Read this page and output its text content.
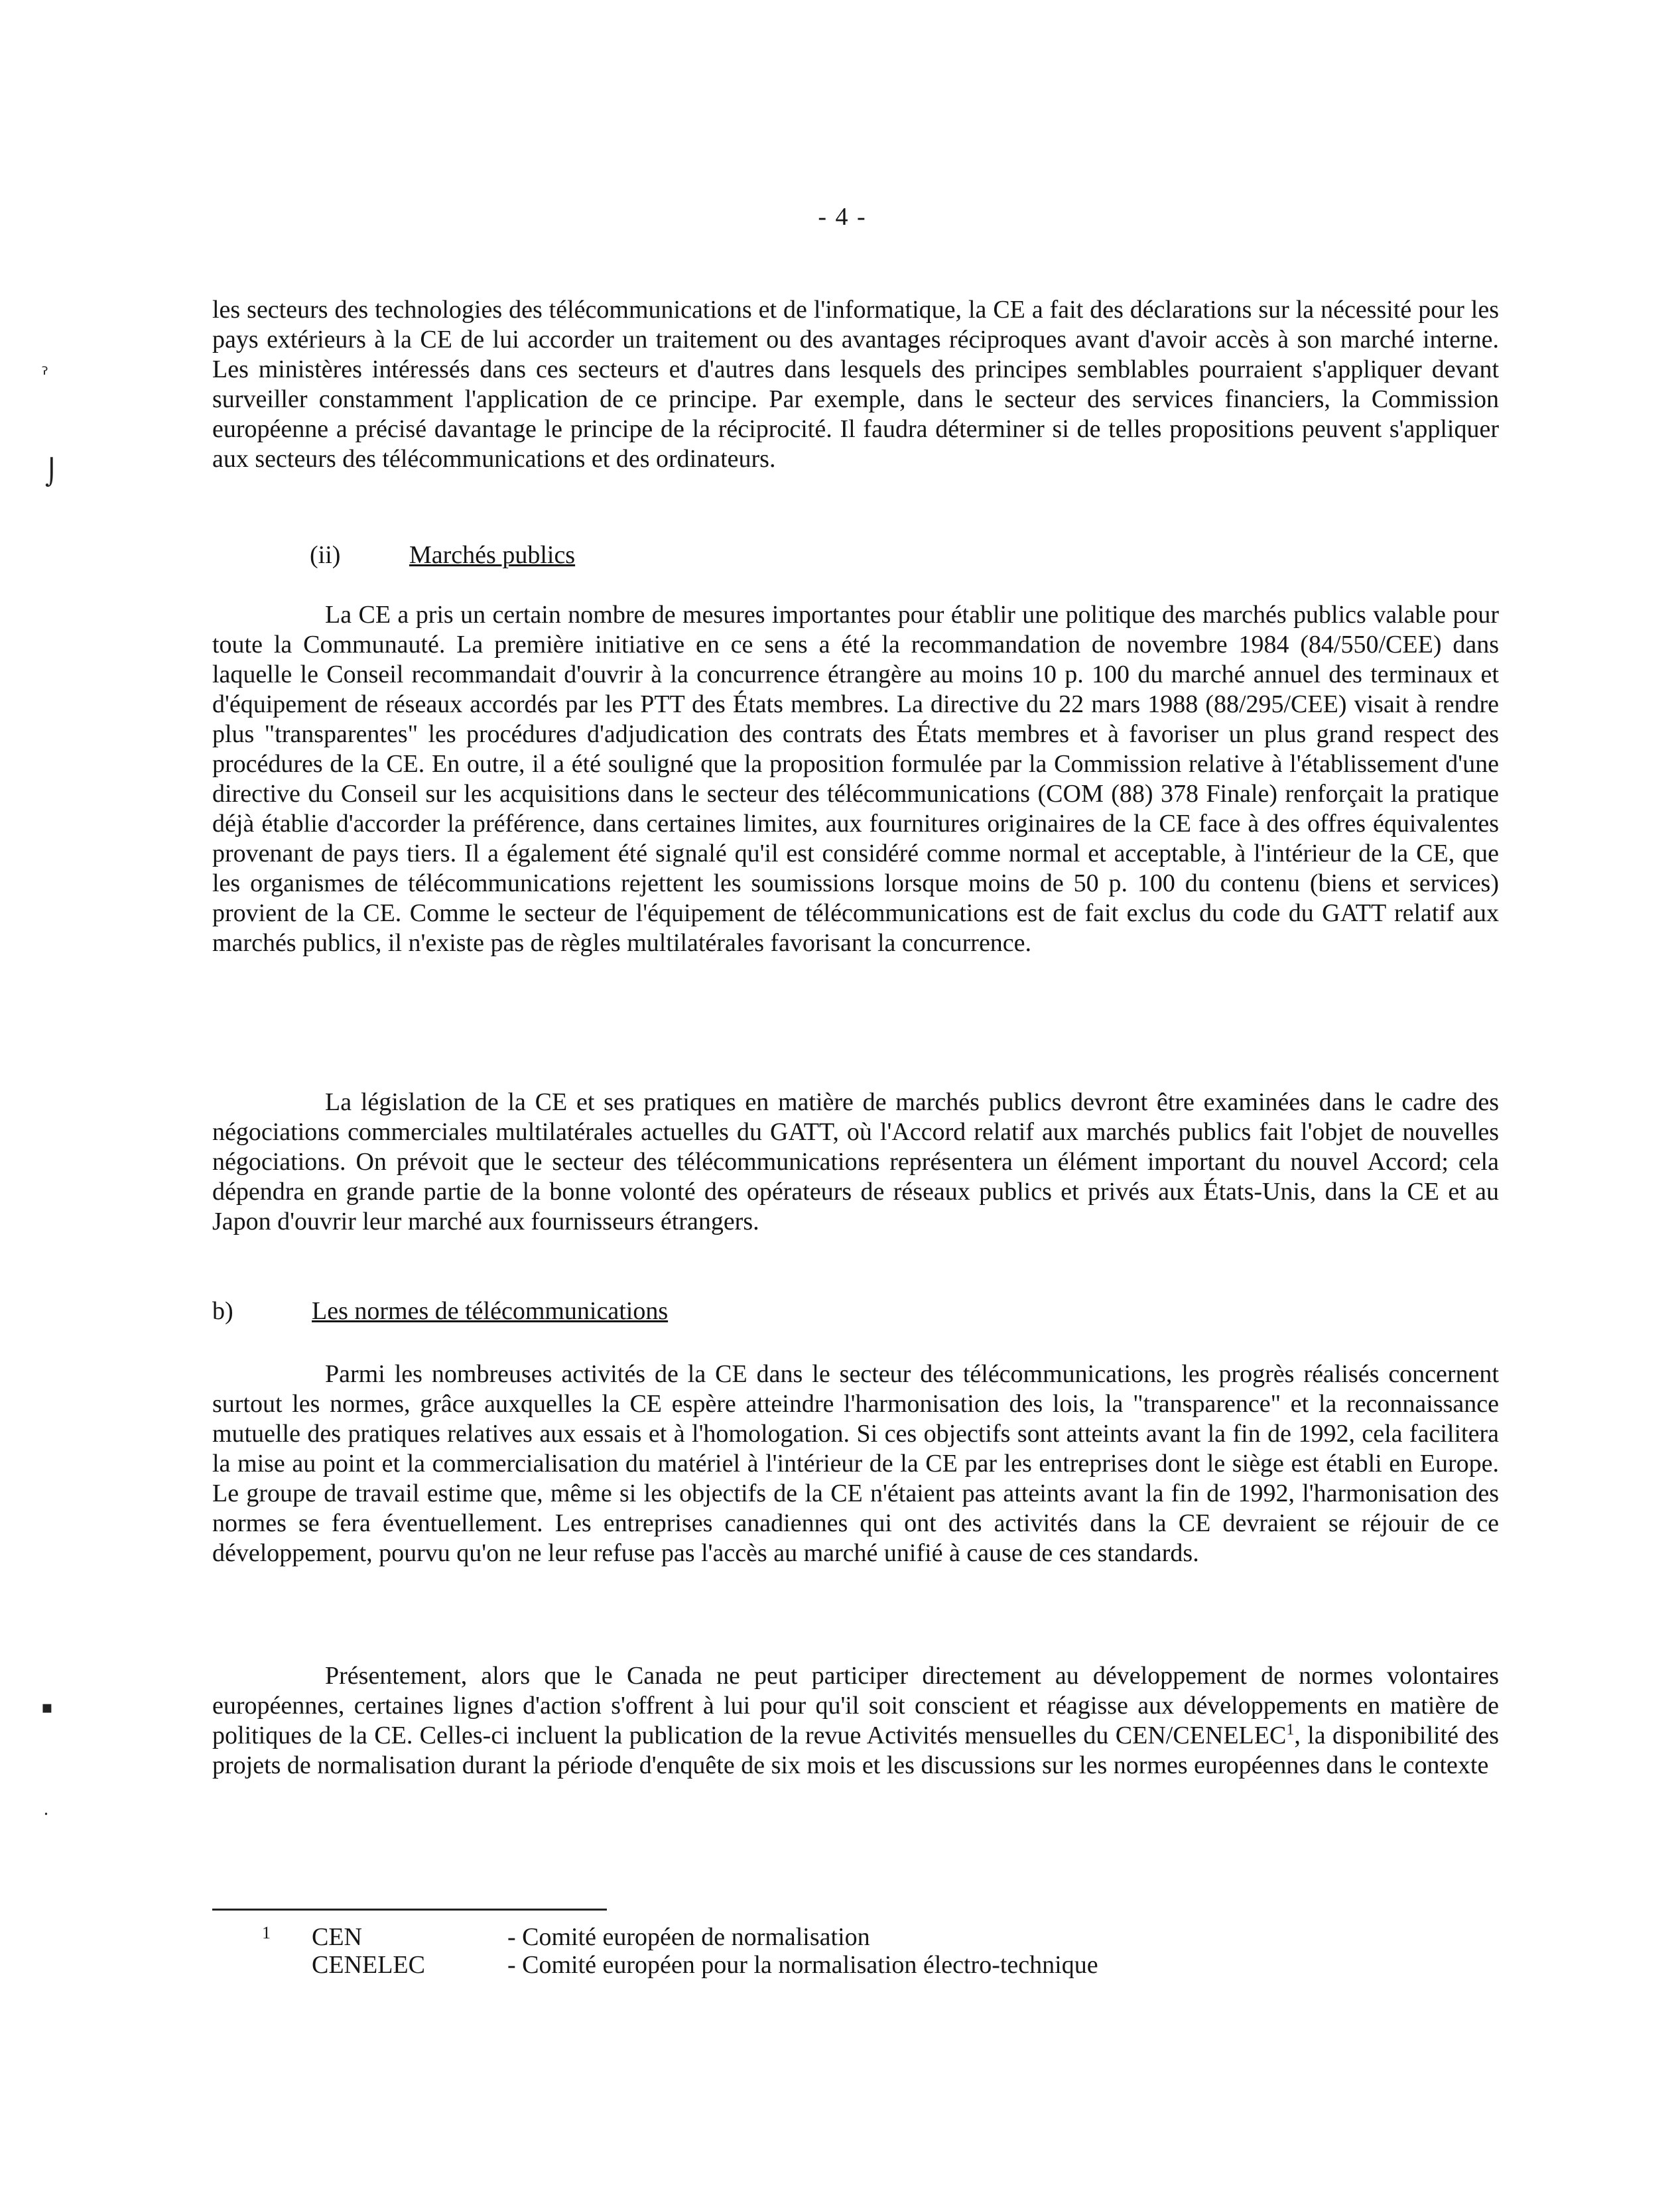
- 4 -
ˀ
⌡
▪
⸳

les secteurs des technologies des télécommunications et de l'informatique, la CE a fait des déclarations sur la nécessité pour les pays extérieurs à la CE de lui accorder un traitement ou des avantages réciproques avant d'avoir accès à son marché interne. Les ministères intéressés dans ces secteurs et d'autres dans lesquels des principes semblables pourraient s'appliquer devant surveiller constamment l'application de ce principe. Par exemple, dans le secteur des services financiers, la Commission européenne a précisé davantage le principe de la réciprocité. Il faudra déterminer si de telles propositions peuvent s'appliquer aux secteurs des télécommunications et des ordinateurs.

(ii)	Marchés publics

La CE a pris un certain nombre de mesures importantes pour établir une politique des marchés publics valable pour toute la Communauté. La première initiative en ce sens a été la recommandation de novembre 1984 (84/550/CEE) dans laquelle le Conseil recommandait d'ouvrir à la concurrence étrangère au moins 10 p. 100 du marché annuel des terminaux et d'équipement de réseaux accordés par les PTT des États membres. La directive du 22 mars 1988 (88/295/CEE) visait à rendre plus "transparentes" les procédures d'adjudication des contrats des États membres et à favoriser un plus grand respect des procédures de la CE. En outre, il a été souligné que la proposition formulée par la Commission relative à l'établissement d'une directive du Conseil sur les acquisitions dans le secteur des télécommunications (COM (88) 378 Finale) renforçait la pratique déjà établie d'accorder la préférence, dans certaines limites, aux fournitures originaires de la CE face à des offres équivalentes provenant de pays tiers. Il a également été signalé qu'il est considéré comme normal et acceptable, à l'intérieur de la CE, que les organismes de télécommunications rejettent les soumissions lorsque moins de 50 p. 100 du contenu (biens et services) provient de la CE. Comme le secteur de l'équipement de télécommunications est de fait exclus du code du GATT relatif aux marchés publics, il n'existe pas de règles multilatérales favorisant la concurrence.

La législation de la CE et ses pratiques en matière de marchés publics devront être examinées dans le cadre des négociations commerciales multilatérales actuelles du GATT, où l'Accord relatif aux marchés publics fait l'objet de nouvelles négociations. On prévoit que le secteur des télécommunications représentera un élément important du nouvel Accord; cela dépendra en grande partie de la bonne volonté des opérateurs de réseaux publics et privés aux États-Unis, dans la CE et au Japon d'ouvrir leur marché aux fournisseurs étrangers.

b)	Les normes de télécommunications

Parmi les nombreuses activités de la CE dans le secteur des télécommunications, les progrès réalisés concernent surtout les normes, grâce auxquelles la CE espère atteindre l'harmonisation des lois, la "transparence" et la reconnaissance mutuelle des pratiques relatives aux essais et à l'homologation. Si ces objectifs sont atteints avant la fin de 1992, cela facilitera la mise au point et la commercialisation du matériel à l'intérieur de la CE par les entreprises dont le siège est établi en Europe. Le groupe de travail estime que, même si les objectifs de la CE n'étaient pas atteints avant la fin de 1992, l'harmonisation des normes se fera éventuellement. Les entreprises canadiennes qui ont des activités dans la CE devraient se réjouir de ce développement, pourvu qu'on ne leur refuse pas l'accès au marché unifié à cause de ces standards.

Présentement, alors que le Canada ne peut participer directement au développement de normes volontaires européennes, certaines lignes d'action s'offrent à lui pour qu'il soit conscient et réagisse aux développements en matière de politiques de la CE. Celles-ci incluent la publication de la revue Activités mensuelles du CEN/CENELEC$^1$, la disponibilité des projets de normalisation durant la période d'enquête de six mois et les discussions sur les normes européennes dans le contexte

1	CEN	- Comité européen de normalisation
CENELEC	- Comité européen pour la normalisation électro-technique
